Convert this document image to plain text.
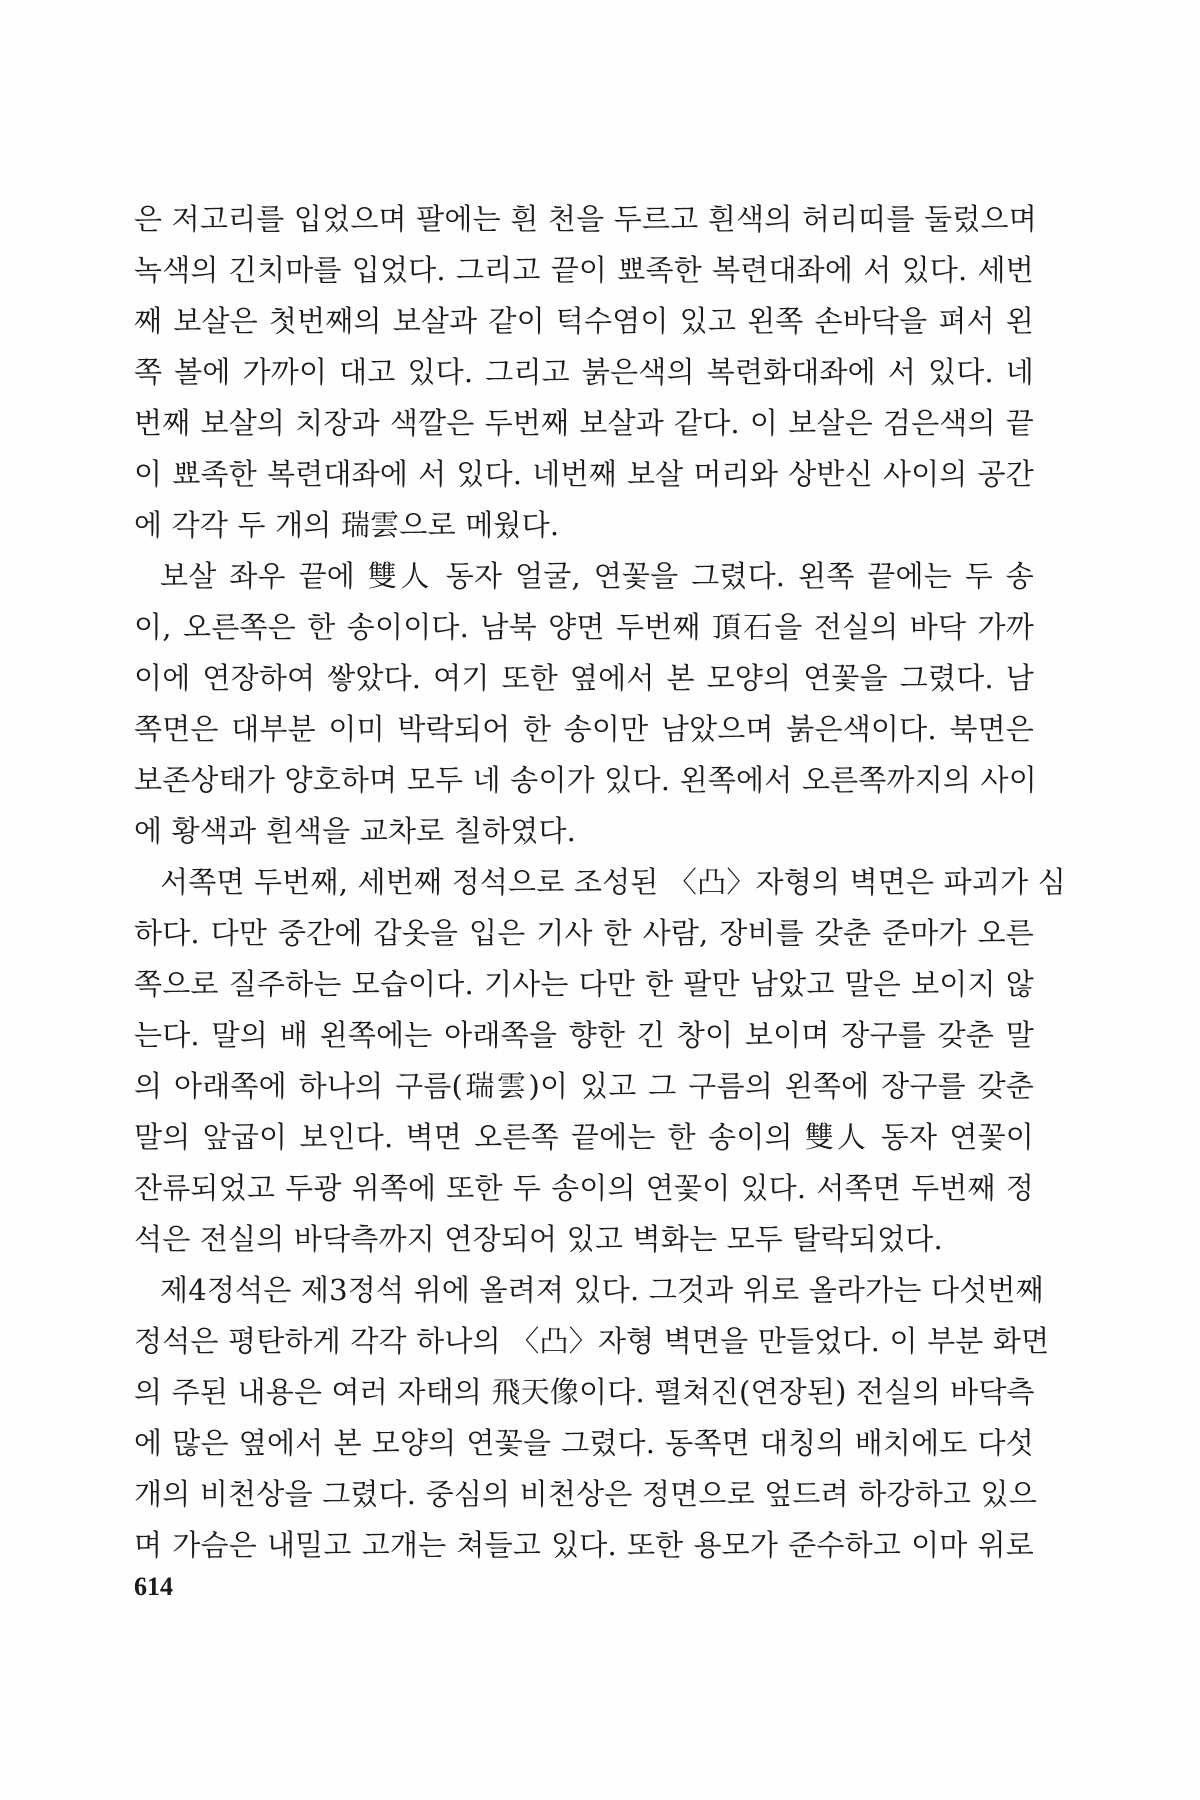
은 저고리를 입었으며 팔에는 흰 천을 두르고 흰색의 허리띠를 둘렀으며
녹색의 긴치마를 입었다. 그리고 끝이 뾰족한 복련대좌에 서 있다. 세번
째 보살은 첫번째의 보살과 같이 턱수염이 있고 왼쪽 손바닥을 펴서 왼
쪽 볼에 가까이 대고 있다. 그리고 붉은색의 복련화대좌에 서 있다. 네
번째 보살의 치장과 색깔은 두번째 보살과 같다. 이 보살은 검은색의 끝
이 뾰족한 복련대좌에 서 있다. 네번째 보살 머리와 상반신 사이의 공간
에 각각 두 개의 瑞雲으로 메웠다.
보살 좌우 끝에 雙人 동자 얼굴, 연꽃을 그렸다. 왼쪽 끝에는 두 송
이, 오른쪽은 한 송이이다. 남북 양면 두번째 頂石을 전실의 바닥 가까
이에 연장하여 쌓았다. 여기 또한 옆에서 본 모양의 연꽃을 그렸다. 남
쪽면은 대부분 이미 박락되어 한 송이만 남았으며 붉은색이다. 북면은
보존상태가 양호하며 모두 네 송이가 있다. 왼쪽에서 오른쪽까지의 사이
에 황색과 흰색을 교차로 칠하였다.
서쪽면 두번째, 세번째 정석으로 조성된 〈凸〉자형의 벽면은 파괴가 심
하다. 다만 중간에 갑옷을 입은 기사 한 사람, 장비를 갖춘 준마가 오른
쪽으로 질주하는 모습이다. 기사는 다만 한 팔만 남았고 말은 보이지 않
는다. 말의 배 왼쪽에는 아래쪽을 향한 긴 창이 보이며 장구를 갖춘 말
의 아래쪽에 하나의 구름(瑞雲)이 있고 그 구름의 왼쪽에 장구를 갖춘
말의 앞굽이 보인다. 벽면 오른쪽 끝에는 한 송이의 雙人 동자 연꽃이
잔류되었고 두광 위쪽에 또한 두 송이의 연꽃이 있다. 서쪽면 두번째 정
석은 전실의 바닥측까지 연장되어 있고 벽화는 모두 탈락되었다.
제4정석은 제3정석 위에 올려져 있다. 그것과 위로 올라가는 다섯번째
정석은 평탄하게 각각 하나의 〈凸〉자형 벽면을 만들었다. 이 부분 화면
의 주된 내용은 여러 자태의 飛天像이다. 펼쳐진(연장된) 전실의 바닥측
에 많은 옆에서 본 모양의 연꽃을 그렸다. 동쪽면 대칭의 배치에도 다섯
개의 비천상을 그렸다. 중심의 비천상은 정면으로 엎드려 하강하고 있으
며 가슴은 내밀고 고개는 쳐들고 있다. 또한 용모가 준수하고 이마 위로
614
